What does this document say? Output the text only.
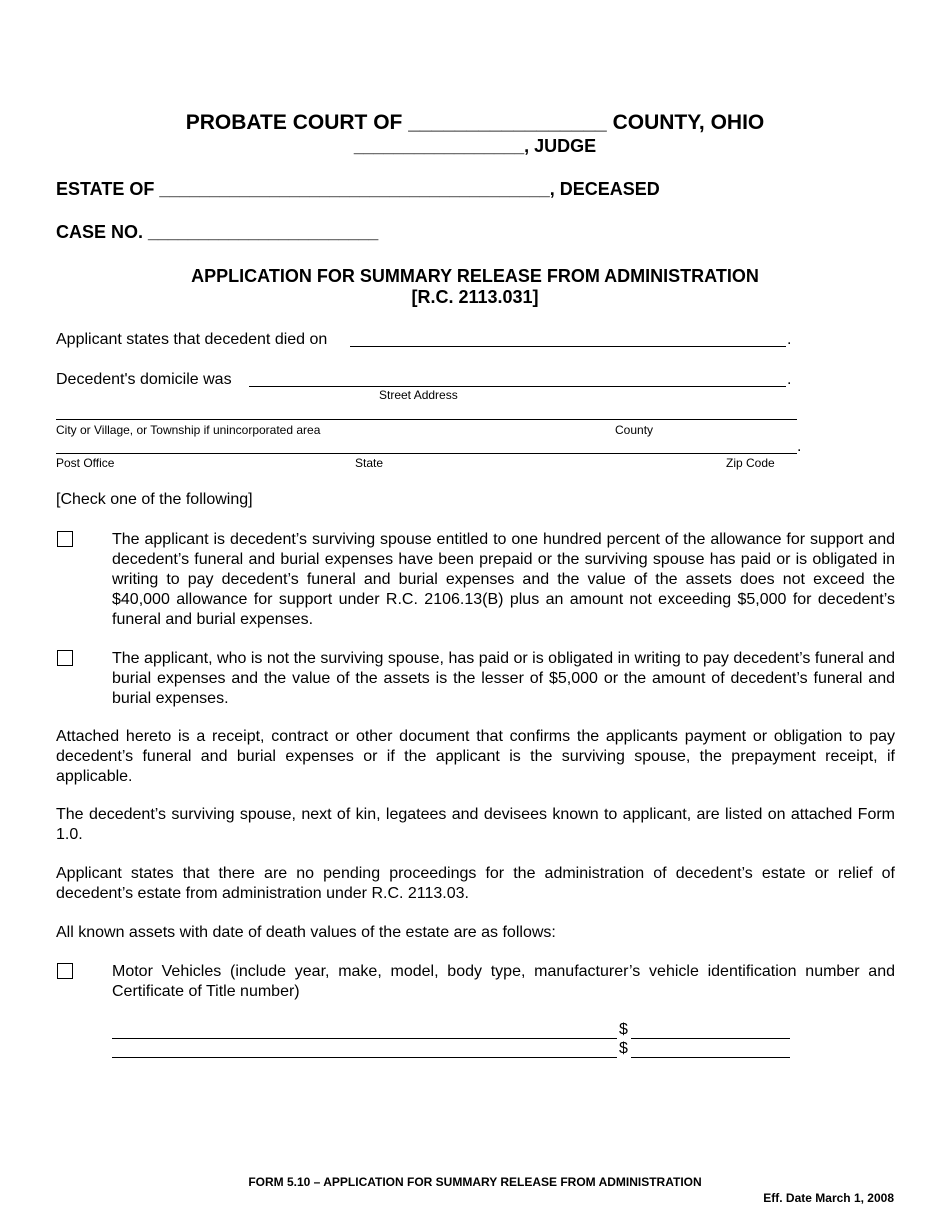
PROBATE COURT OF _________________ COUNTY, OHIO
_________________, JUDGE
ESTATE OF _______________________________________, DECEASED
CASE NO. _______________________
APPLICATION FOR SUMMARY RELEASE FROM ADMINISTRATION
[R.C. 2113.031]
Applicant states that decedent died on	.
Decedent's domicile was	.
Street Address
City or Village, or Township if unincorporated area	County
.
Post Office	State	Zip Code
[Check one of the following]
The applicant is decedent’s surviving spouse entitled to one hundred percent of the allowance for support and decedent’s funeral and burial expenses have been prepaid or the surviving spouse has paid or is obligated in writing to pay decedent’s funeral and burial expenses and the value of the assets does not exceed the $40,000 allowance for support under R.C. 2106.13(B) plus an amount not exceeding $5,000 for decedent’s funeral and burial expenses.
The applicant, who is not the surviving spouse, has paid or is obligated in writing to pay decedent’s funeral and burial expenses and the value of the assets is the lesser of $5,000 or the amount of decedent’s funeral and burial expenses.
Attached hereto is a receipt, contract or other document that confirms the applicants payment or obligation to pay decedent’s funeral and burial expenses or if the applicant is the surviving spouse, the prepayment receipt, if applicable.
The decedent’s surviving spouse, next of kin, legatees and devisees known to applicant, are listed on attached Form 1.0.
Applicant states that there are no pending proceedings for the administration of decedent’s estate or relief of decedent’s estate from administration under R.C. 2113.03.
All known assets with date of death values of the estate are as follows:
Motor Vehicles (include year, make, model, body type, manufacturer’s vehicle identification number and Certificate of Title number)
$
$
FORM 5.10 – APPLICATION FOR SUMMARY RELEASE FROM ADMINISTRATION
Eff. Date March 1, 2008
